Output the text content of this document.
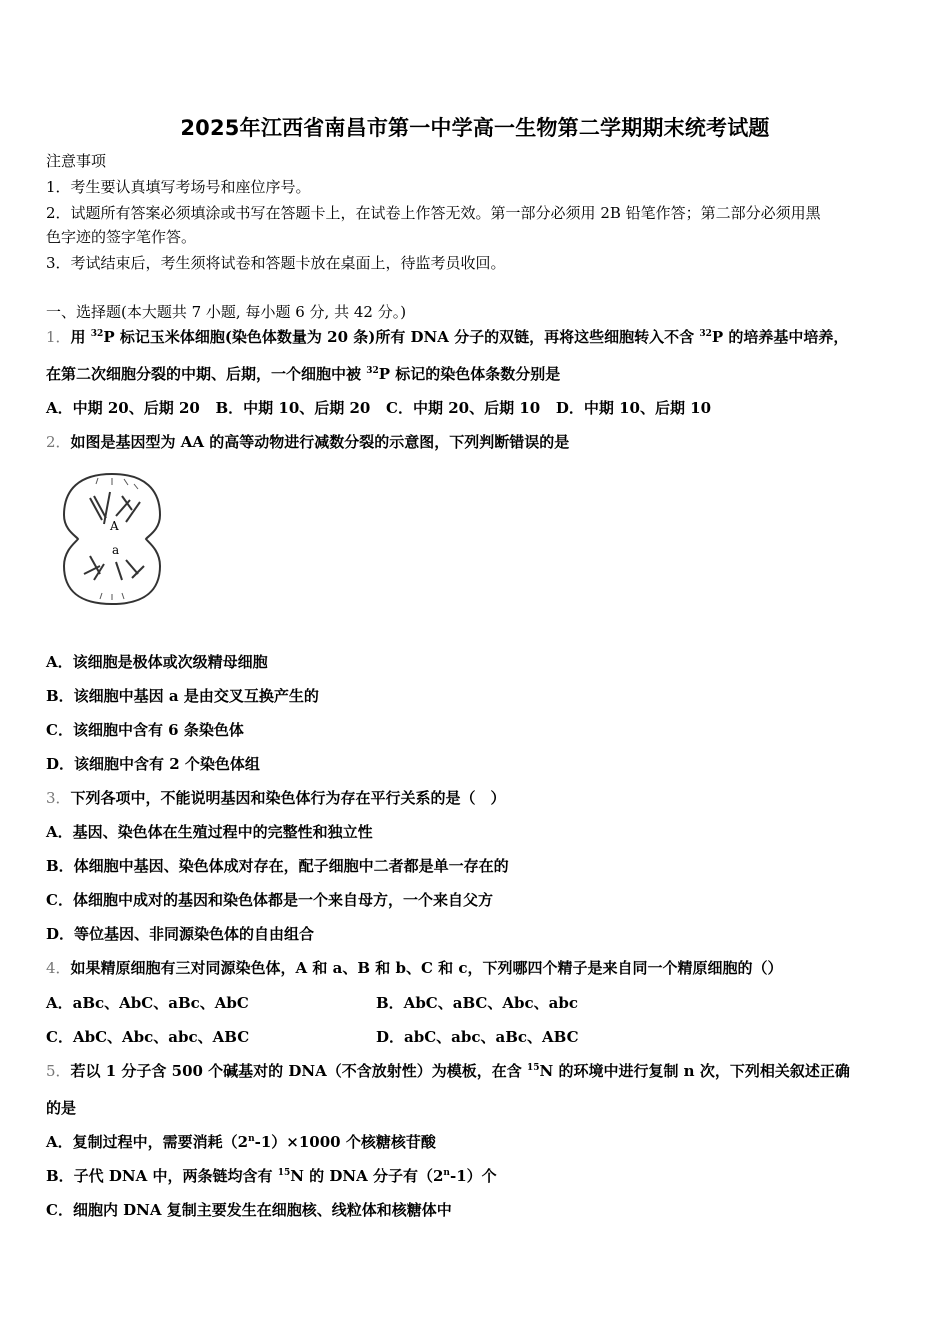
2025年江西省南昌市第一中学高一生物第二学期期末统考试题
注意事项
1．考生要认真填写考场号和座位序号。
2．试题所有答案必须填涂或书写在答题卡上，在试卷上作答无效。第一部分必须用 2B 铅笔作答；第二部分必须用黑
色字迹的签字笔作答。
3．考试结束后，考生须将试卷和答题卡放在桌面上，待监考员收回。
一、选择题(本大题共 7 小题, 每小题 6 分, 共 42 分。)
1．用 $^{32}$P 标记玉米体细胞(染色体数量为 20 条)所有 DNA 分子的双链，再将这些细胞转入不含 $^{32}$P 的培养基中培养，
在第二次细胞分裂的中期、后期，一个细胞中被 $^{32}$P 标记的染色体条数分别是
A．中期 20、后期 20   B．中期 10、后期 20   C．中期 20、后期 10   D．中期 10、后期 10
2．如图是基因型为 AA 的高等动物进行减数分裂的示意图，下列判断错误的是
A
a
A．该细胞是极体或次级精母细胞
B．该细胞中基因 a 是由交叉互换产生的
C．该细胞中含有 6 条染色体
D．该细胞中含有 2 个染色体组
3．下列各项中，不能说明基因和染色体行为存在平行关系的是（　）
A．基因、染色体在生殖过程中的完整性和独立性
B．体细胞中基因、染色体成对存在，配子细胞中二者都是单一存在的
C．体细胞中成对的基因和染色体都是一个来自母方，一个来自父方
D．等位基因、非同源染色体的自由组合
4．如果精原细胞有三对同源染色体，A 和 a、B 和 b、C 和 c，下列哪四个精子是来自同一个精原细胞的（）
A．aBc、AbC、aBc、AbC	B．AbC、aBC、Abc、abc
C．AbC、Abc、abc、ABC	D．abC、abc、aBc、ABC
5．若以 1 分子含 500 个碱基对的 DNA（不含放射性）为模板，在含 $^{15}$N 的环境中进行复制 n 次，下列相关叙述正确
的是
A．复制过程中，需要消耗$(2^n-1)\times 1000$ 个核糖核苷酸
B．子代 DNA 中，两条链均含有 $^{15}$N 的 DNA 分子有（2$^n$-1）个
C．细胞内 DNA 复制主要发生在细胞核、线粒体和核糖体中
